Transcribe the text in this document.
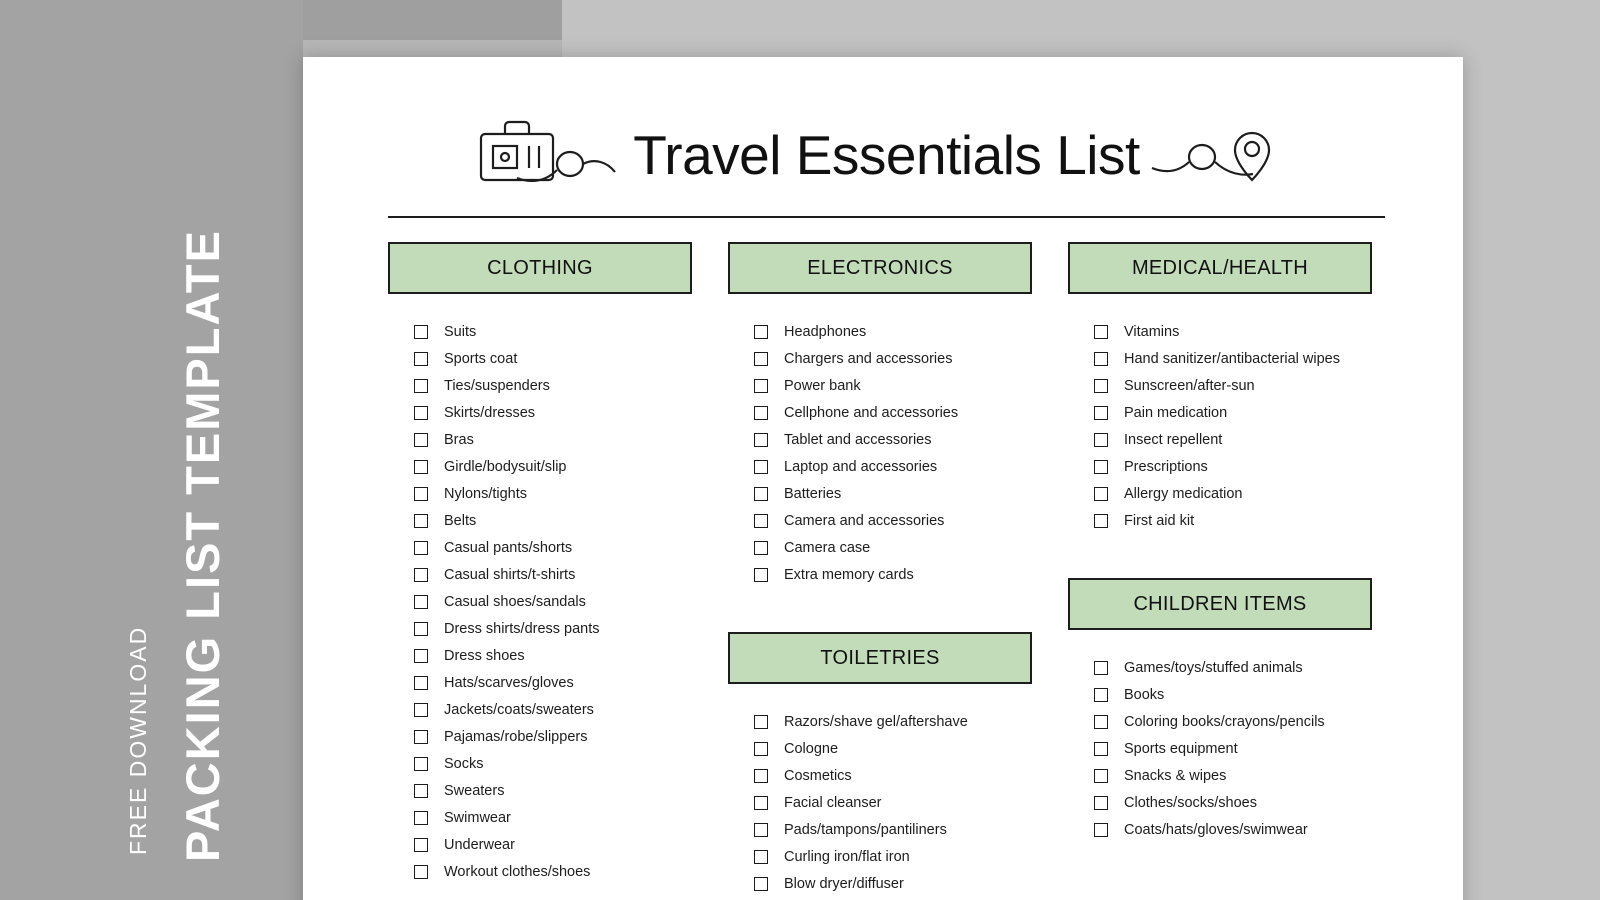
PACKING LIST TEMPLATE
FREE DOWNLOAD
Travel Essentials List
CLOTHING
Suits
Sports coat
Ties/suspenders
Skirts/dresses
Bras
Girdle/bodysuit/slip
Nylons/tights
Belts
Casual pants/shorts
Casual shirts/t-shirts
Casual shoes/sandals
Dress shirts/dress pants
Dress shoes
Hats/scarves/gloves
Jackets/coats/sweaters
Pajamas/robe/slippers
Socks
Sweaters
Swimwear
Underwear
Workout clothes/shoes
ELECTRONICS
Headphones
Chargers and accessories
Power bank
Cellphone and accessories
Tablet and accessories
Laptop and accessories
Batteries
Camera and accessories
Camera case
Extra memory cards
TOILETRIES
Razors/shave gel/aftershave
Cologne
Cosmetics
Facial cleanser
Pads/tampons/pantiliners
Curling iron/flat iron
Blow dryer/diffuser
MEDICAL/HEALTH
Vitamins
Hand sanitizer/antibacterial wipes
Sunscreen/after-sun
Pain medication
Insect repellent
Prescriptions
Allergy medication
First aid kit
CHILDREN ITEMS
Games/toys/stuffed animals
Books
Coloring books/crayons/pencils
Sports equipment
Snacks & wipes
Clothes/socks/shoes
Coats/hats/gloves/swimwear
